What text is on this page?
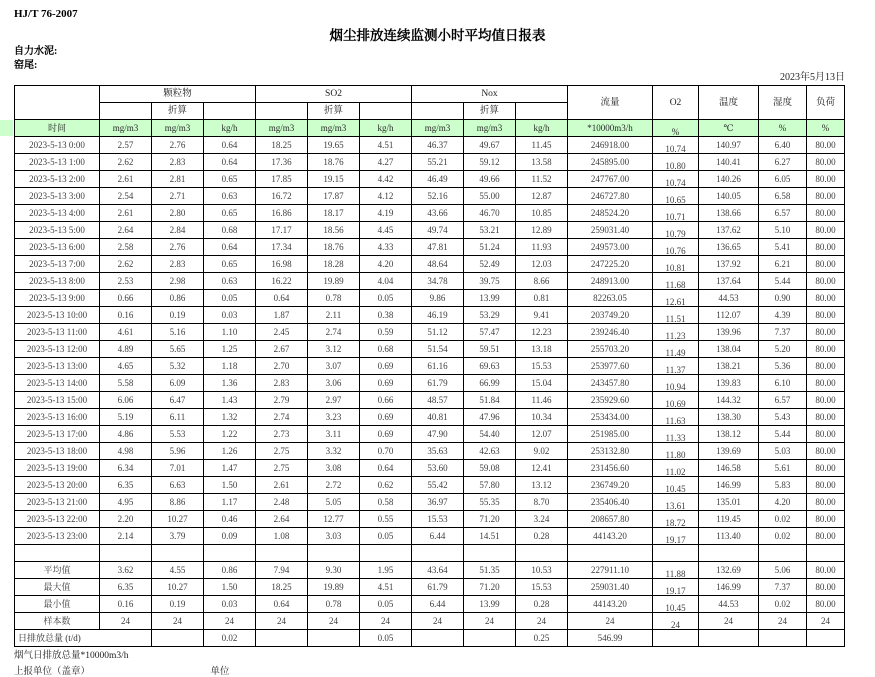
HJ/T 76-2007
烟尘排放连续监测小时平均值日报表
自力水泥:
窑尾:
2023年5月13日
	颗粒物			SO2			Nox			流量	O2	温度	湿度	负荷
		折算			折算			折算						
时间	mg/m3	mg/m3	kg/h	mg/m3	mg/m3	kg/h	mg/m3	mg/m3	kg/h	*10000m3/h	%	℃	%	%
2023-5-13 0:00	2.57	2.76	0.64	18.25	19.65	4.51	46.37	49.67	11.45	246918.00	10.74	140.97	6.40	80.00
2023-5-13 1:00	2.62	2.83	0.64	17.36	18.76	4.27	55.21	59.12	13.58	245895.00	10.80	140.41	6.27	80.00
2023-5-13 2:00	2.61	2.81	0.65	17.85	19.15	4.42	46.49	49.66	11.52	247767.00	10.74	140.26	6.05	80.00
2023-5-13 3:00	2.54	2.71	0.63	16.72	17.87	4.12	52.16	55.00	12.87	246727.80	10.65	140.05	6.58	80.00
2023-5-13 4:00	2.61	2.80	0.65	16.86	18.17	4.19	43.66	46.70	10.85	248524.20	10.71	138.66	6.57	80.00
2023-5-13 5:00	2.64	2.84	0.68	17.17	18.56	4.45	49.74	53.21	12.89	259031.40	10.79	137.62	5.10	80.00
2023-5-13 6:00	2.58	2.76	0.64	17.34	18.76	4.33	47.81	51.24	11.93	249573.00	10.76	136.65	5.41	80.00
2023-5-13 7:00	2.62	2.83	0.65	16.98	18.28	4.20	48.64	52.49	12.03	247225.20	10.81	137.92	6.21	80.00
2023-5-13 8:00	2.53	2.98	0.63	16.22	19.89	4.04	34.78	39.75	8.66	248913.00	11.68	137.64	5.44	80.00
2023-5-13 9:00	0.66	0.86	0.05	0.64	0.78	0.05	9.86	13.99	0.81	82263.05	12.61	44.53	0.90	80.00
2023-5-13 10:00	0.16	0.19	0.03	1.87	2.11	0.38	46.19	53.29	9.41	203749.20	11.51	112.07	4.39	80.00
2023-5-13 11:00	4.61	5.16	1.10	2.45	2.74	0.59	51.12	57.47	12.23	239246.40	11.23	139.96	7.37	80.00
2023-5-13 12:00	4.89	5.65	1.25	2.67	3.12	0.68	51.54	59.51	13.18	255703.20	11.49	138.04	5.20	80.00
2023-5-13 13:00	4.65	5.32	1.18	2.70	3.07	0.69	61.16	69.63	15.53	253977.60	11.37	138.21	5.36	80.00
2023-5-13 14:00	5.58	6.09	1.36	2.83	3.06	0.69	61.79	66.99	15.04	243457.80	10.94	139.83	6.10	80.00
2023-5-13 15:00	6.06	6.47	1.43	2.79	2.97	0.66	48.57	51.84	11.46	235929.60	10.69	144.32	6.57	80.00
2023-5-13 16:00	5.19	6.11	1.32	2.74	3.23	0.69	40.81	47.96	10.34	253434.00	11.63	138.30	5.43	80.00
2023-5-13 17:00	4.86	5.53	1.22	2.73	3.11	0.69	47.90	54.40	12.07	251985.00	11.33	138.12	5.44	80.00
2023-5-13 18:00	4.98	5.96	1.26	2.75	3.32	0.70	35.63	42.63	9.02	253132.80	11.80	139.69	5.03	80.00
2023-5-13 19:00	6.34	7.01	1.47	2.75	3.08	0.64	53.60	59.08	12.41	231456.60	11.02	146.58	5.61	80.00
2023-5-13 20:00	6.35	6.63	1.50	2.61	2.72	0.62	55.42	57.80	13.12	236749.20	10.45	146.99	5.83	80.00
2023-5-13 21:00	4.95	8.86	1.17	2.48	5.05	0.58	36.97	55.35	8.70	235406.40	13.61	135.01	4.20	80.00
2023-5-13 22:00	2.20	10.27	0.46	2.64	12.77	0.55	15.53	71.20	3.24	208657.80	18.72	119.45	0.02	80.00
2023-5-13 23:00	2.14	3.79	0.09	1.08	3.03	0.05	6.44	14.51	0.28	44143.20	19.17	113.40	0.02	80.00

平均值	3.62	4.55	0.86	7.94	9.30	1.95	43.64	51.35	10.53	227911.10	11.88	132.69	5.06	80.00
最大值	6.35	10.27	1.50	18.25	19.89	4.51	61.79	71.20	15.53	259031.40	19.17	146.99	7.37	80.00
最小值	0.16	0.19	0.03	0.64	0.78	0.05	6.44	13.99	0.28	44143.20	10.45	44.53	0.02	80.00
样本数	24	24	24	24	24	24	24	24	24	24	24	24	24	24
日排放总量 (t/d)			0.02			0.05			0.25	546.99				
烟气日排放总量*10000m3/h
上报单位（盖章）	单位
